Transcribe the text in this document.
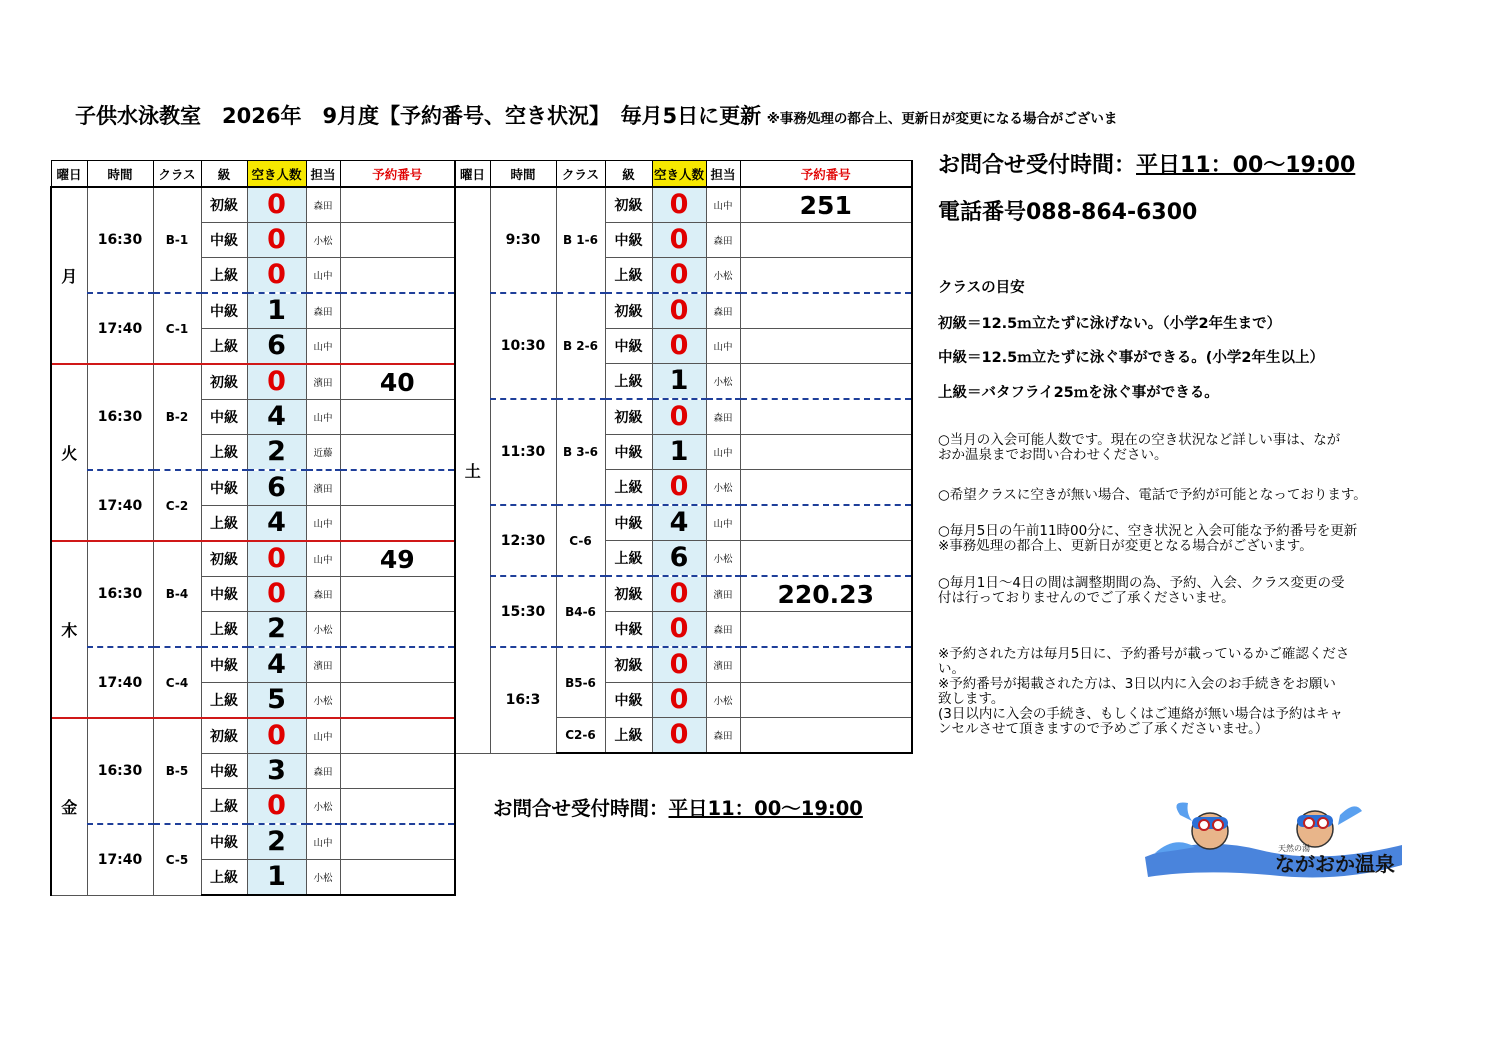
子供水泳教室　2026年　9月度【予約番号、空き状況】　毎月5日に更新 ※事務処理の都合上、更新日が変更になる場合がございま
曜日	時間	クラス	級	空き人数	担当	予約番号
月	16:30	B-1	初級	0	森田	
			中級	0	小松	
			上級	0	山中	
	17:40	C-1	中級	1	森田	
			上級	6	山中	
火	16:30	B-2	初級	0	濱田	40
			中級	4	山中	
			上級	2	近藤	
	17:40	C-2	中級	6	濱田	
			上級	4	山中	
木	16:30	B-4	初級	0	山中	49
			中級	0	森田	
			上級	2	小松	
	17:40	C-4	中級	4	濱田	
			上級	5	小松	
金	16:30	B-5	初級	0	山中	
			中級	3	森田	
			上級	0	小松	
	17:40	C-5	中級	2	山中	
			上級	1	小松	
曜日	時間	クラス	級	空き人数	担当	予約番号
土	9:30	B 1-6	初級	0	山中	251
			中級	0	森田	
			上級	0	小松	
	10:30	B 2-6	初級	0	森田	
			中級	0	山中	
			上級	1	小松	
	11:30	B 3-6	初級	0	森田	
			中級	1	山中	
			上級	0	小松	
	12:30	C-6	中級	4	山中	
			上級	6	小松	
	15:30	B4-6	初級	0	濱田	220.23
			中級	0	森田	
	16:3	B5-6	初級	0	濱田	
			中級	0	小松	
		C2-6	上級	0	森田	
お問合せ受付時間：平日11：00～19:00
電話番号088-864-6300
クラスの目安
初級＝12.5ｍ立たずに泳げない。（小学2年生まで）
中級＝12.5ｍ立たずに泳ぐ事ができる。(小学2年生以上）
上級＝バタフライ25ｍを泳ぐ事ができる。

○当月の入会可能人数です。現在の空き状況など詳しい事は、なが

おか温泉までお問い合わせください。

○希望クラスに空きが無い場合、電話で予約が可能となっております。

○毎月5日の午前11時00分に、空き状況と入会可能な予約番号を更新

※事務処理の都合上、更新日が変更となる場合がございます。

○毎月1日～4日の間は調整期間の為、予約、入会、クラス変更の受

付は行っておりませんのでご了承くださいませ。

※予約された方は毎月5日に、予約番号が載っているかご確認くださ

い。

※予約番号が掲載された方は、3日以内に入会のお手続きをお願い

致します。

(3日以内に入会の手続き、もしくはご連絡が無い場合は予約はキャ

ンセルさせて頂きますので予めご了承くださいませ。）

お問合せ受付時間：平日11：00～19:00
天然の湯
ながおか温泉
